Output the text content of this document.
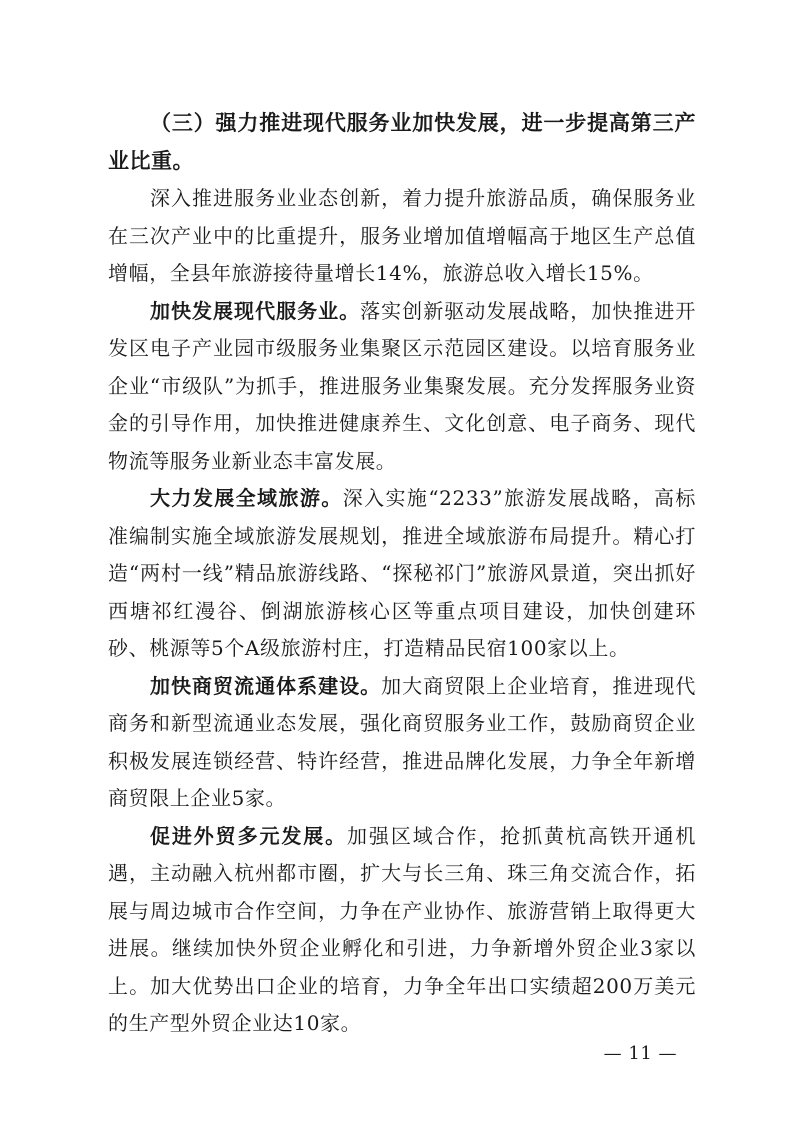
（三）强力推进现代服务业加快发展，进一步提高第三产业比重。

深入推进服务业业态创新，着力提升旅游品质，确保服务业在三次产业中的比重提升，服务业增加值增幅高于地区生产总值增幅，全县年旅游接待量增长14%，旅游总收入增长15%。

加快发展现代服务业。落实创新驱动发展战略，加快推进开发区电子产业园市级服务业集聚区示范园区建设。以培育服务业企业“市级队”为抓手，推进服务业集聚发展。充分发挥服务业资金的引导作用，加快推进健康养生、文化创意、电子商务、现代物流等服务业新业态丰富发展。

大力发展全域旅游。深入实施“2233”旅游发展战略，高标准编制实施全域旅游发展规划，推进全域旅游布局提升。精心打造“两村一线”精品旅游线路、“探秘祁门”旅游风景道，突出抓好西塘祁红漫谷、倒湖旅游核心区等重点项目建设，加快创建环砂、桃源等5个A级旅游村庄，打造精品民宿100家以上。

加快商贸流通体系建设。加大商贸限上企业培育，推进现代商务和新型流通业态发展，强化商贸服务业工作，鼓励商贸企业积极发展连锁经营、特许经营，推进品牌化发展，力争全年新增商贸限上企业5家。

促进外贸多元发展。加强区域合作，抢抓黄杭高铁开通机遇，主动融入杭州都市圈，扩大与长三角、珠三角交流合作，拓展与周边城市合作空间，力争在产业协作、旅游营销上取得更大进展。继续加快外贸企业孵化和引进，力争新增外贸企业3家以上。加大优势出口企业的培育，力争全年出口实绩超200万美元的生产型外贸企业达10家。

— 11 —
